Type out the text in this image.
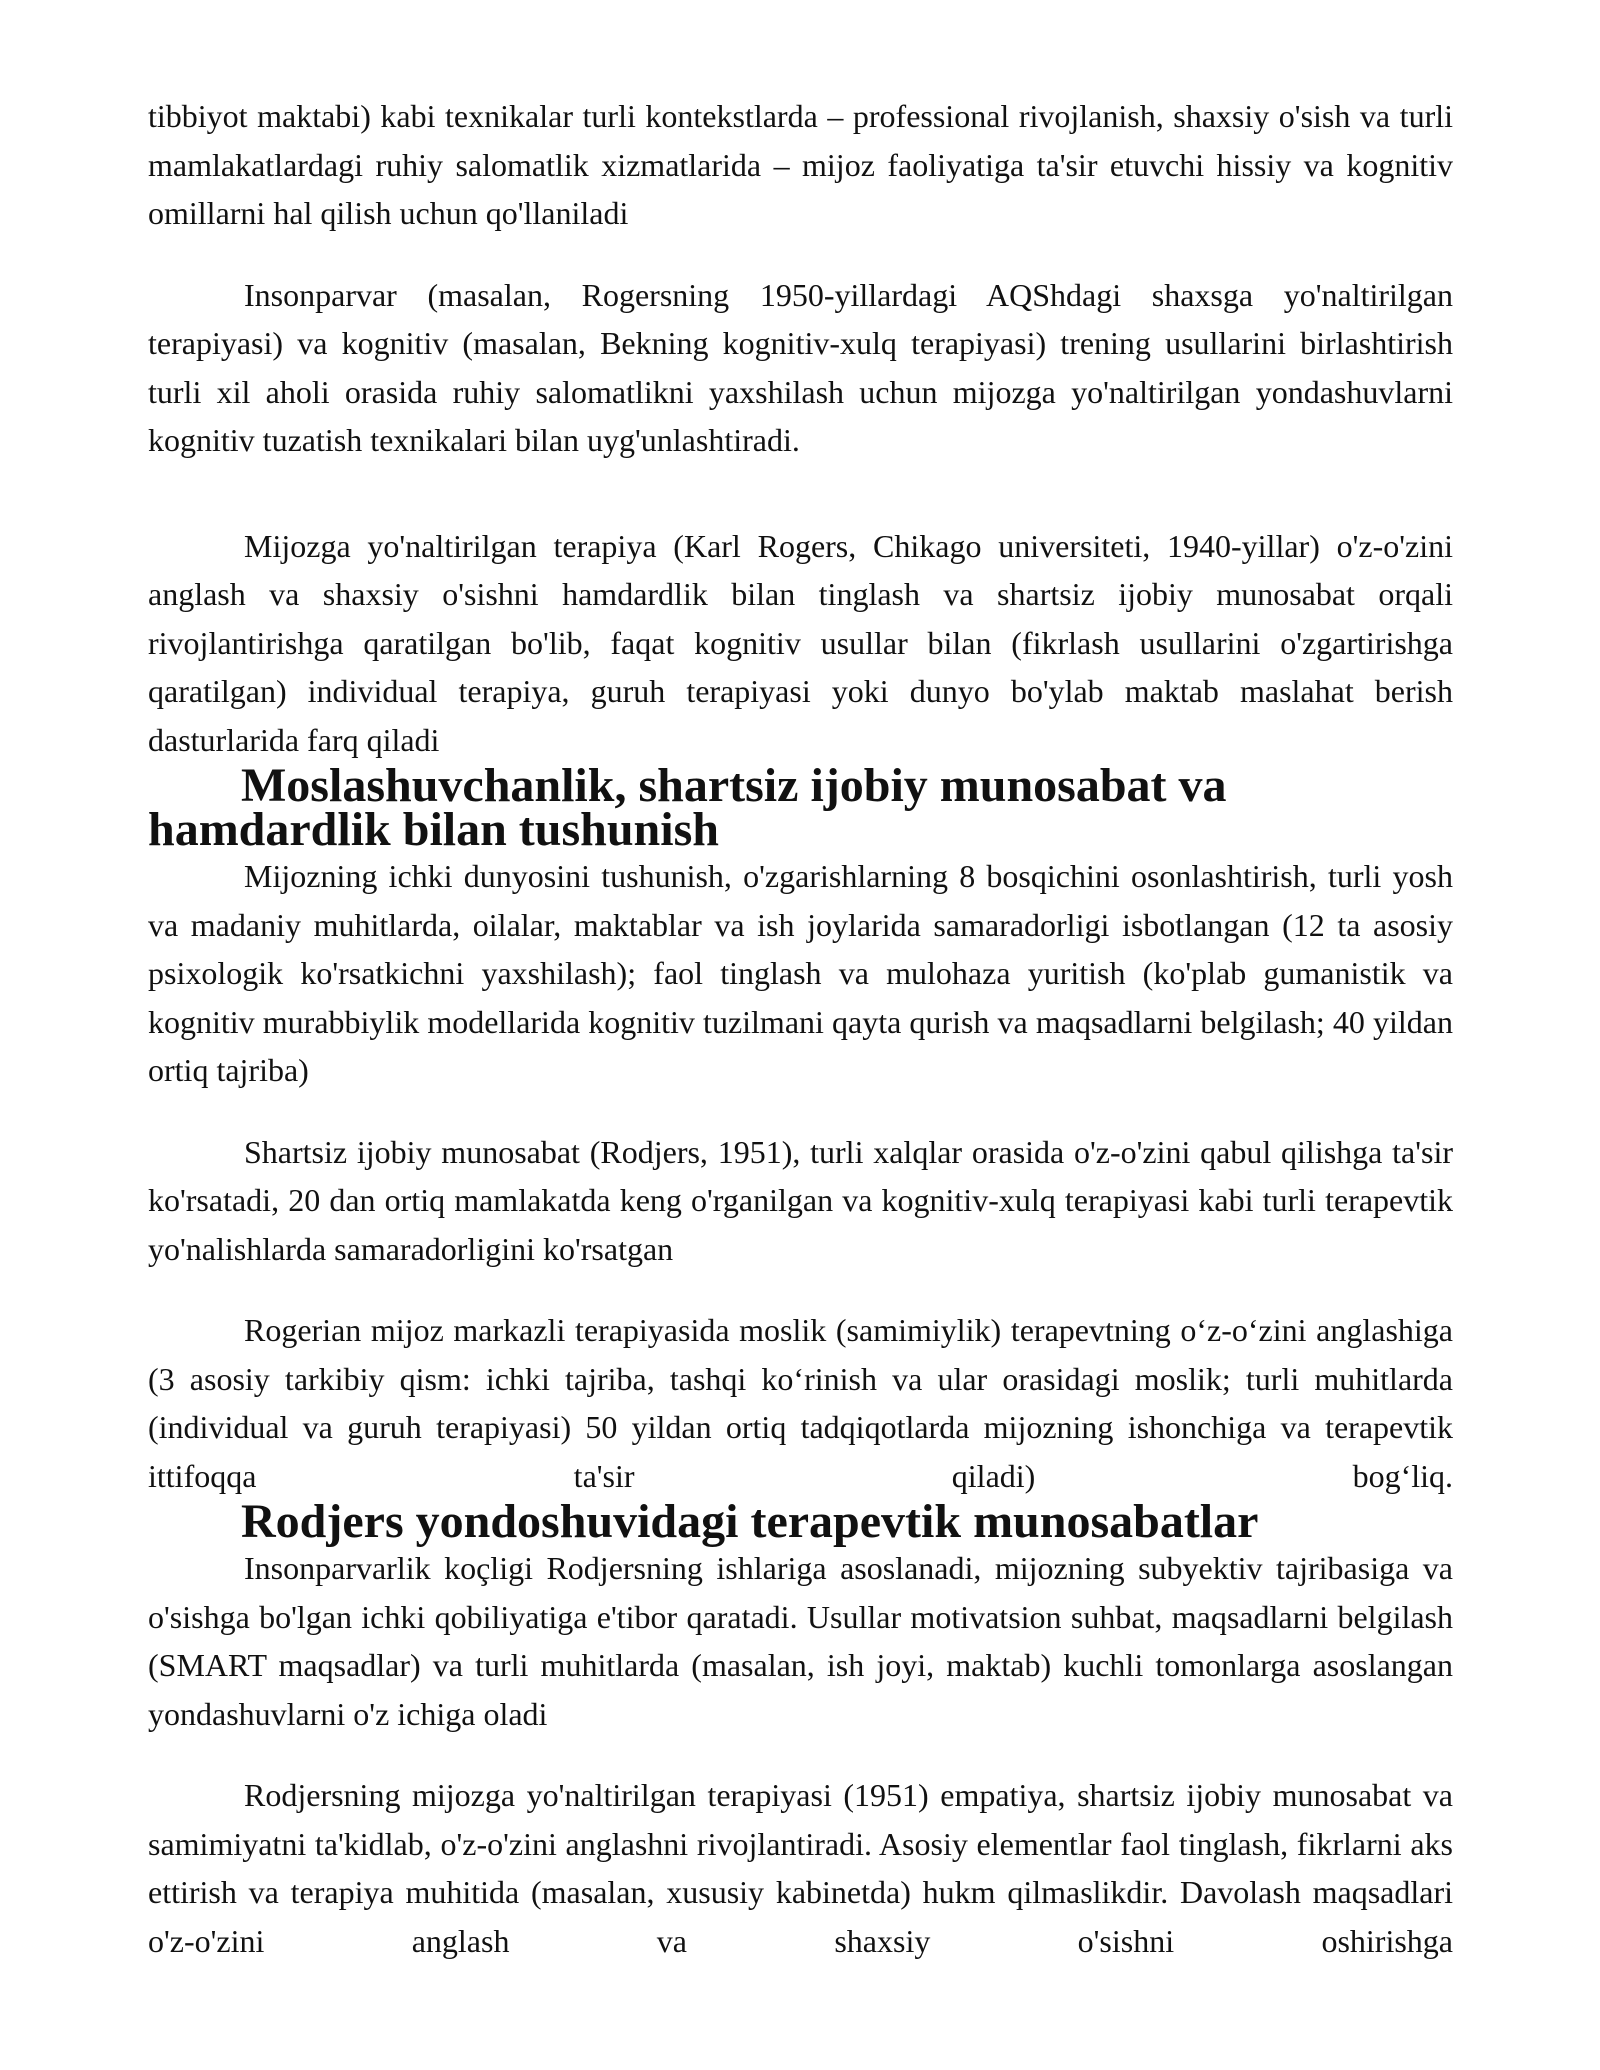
tibbiyot maktabi) kabi texnikalar turli kontekstlarda – professional rivojlanish, shaxsiy o'sish va turli mamlakatlardagi ruhiy salomatlik xizmatlarida – mijoz faoliyatiga ta'sir etuvchi hissiy va kognitiv omillarni hal qilish uchun qo'llaniladi

Insonparvar (masalan, Rogersning 1950-yillardagi AQShdagi shaxsga yo'naltirilgan terapiyasi) va kognitiv (masalan, Bekning kognitiv-xulq terapiyasi) trening usullarini birlashtirish turli xil aholi orasida ruhiy salomatlikni yaxshilash uchun mijozga yo'naltirilgan yondashuvlarni kognitiv tuzatish texnikalari bilan uyg'unlashtiradi.

Mijozga yo'naltirilgan terapiya (Karl Rogers, Chikago universiteti, 1940-yillar) o'z-o'zini anglash va shaxsiy o'sishni hamdardlik bilan tinglash va shartsiz ijobiy munosabat orqali rivojlantirishga qaratilgan bo'lib, faqat kognitiv usullar bilan (fikrlash usullarini o'zgartirishga qaratilgan) individual terapiya, guruh terapiyasi yoki dunyo bo'ylab maktab maslahat berish dasturlarida farq qiladi

Moslashuvchanlik, shartsiz ijobiy munosabat va hamdardlik bilan tushunish

Mijozning ichki dunyosini tushunish, o'zgarishlarning 8 bosqichini osonlashtirish, turli yosh va madaniy muhitlarda, oilalar, maktablar va ish joylarida samaradorligi isbotlangan (12 ta asosiy psixologik ko'rsatkichni yaxshilash); faol tinglash va mulohaza yuritish (ko'plab gumanistik va kognitiv murabbiylik modellarida kognitiv tuzilmani qayta qurish va maqsadlarni belgilash; 40 yildan ortiq tajriba)

Shartsiz ijobiy munosabat (Rodjers, 1951), turli xalqlar orasida o'z-o'zini qabul qilishga ta'sir ko'rsatadi, 20 dan ortiq mamlakatda keng o'rganilgan va kognitiv-xulq terapiyasi kabi turli terapevtik yo'nalishlarda samaradorligini ko'rsatgan

Rogerian mijoz markazli terapiyasida moslik (samimiylik) terapevtning o‘z-o‘zini anglashiga (3 asosiy tarkibiy qism: ichki tajriba, tashqi ko‘rinish va ular orasidagi moslik; turli muhitlarda (individual va guruh terapiyasi) 50 yildan ortiq tadqiqotlarda mijozning ishonchiga va terapevtik ittifoqqa ta'sir qiladi) bog‘liq.

Rodjers yondoshuvidagi terapevtik munosabatlar

Insonparvarlik koçligi Rodjersning ishlariga asoslanadi, mijozning subyektiv tajribasiga va o'sishga bo'lgan ichki qobiliyatiga e'tibor qaratadi. Usullar motivatsion suhbat, maqsadlarni belgilash (SMART maqsadlar) va turli muhitlarda (masalan, ish joyi, maktab) kuchli tomonlarga asoslangan yondashuvlarni o'z ichiga oladi

Rodjersning mijozga yo'naltirilgan terapiyasi (1951) empatiya, shartsiz ijobiy munosabat va samimiyatni ta'kidlab, o'z-o'zini anglashni rivojlantiradi. Asosiy elementlar faol tinglash, fikrlarni aks ettirish va terapiya muhitida (masalan, xususiy kabinetda) hukm qilmaslikdir. Davolash maqsadlari o'z-o'zini anglash va shaxsiy o'sishni oshirishga
